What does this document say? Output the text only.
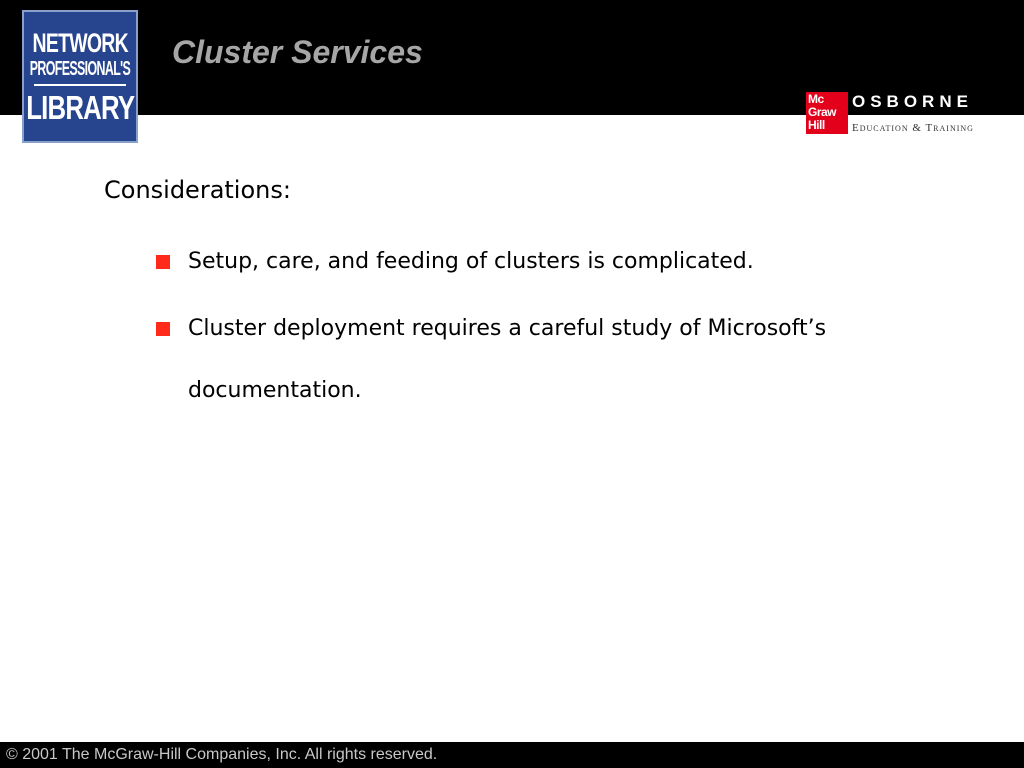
NETWORK
PROFESSIONAL'S
LIBRARY
Cluster Services
Mc
Graw
Hill
OSBORNE
Education & Training
Considerations:
Setup, care, and feeding of clusters is complicated.
Cluster deployment requires a careful study of Microsoft’s documentation.
© 2001 The McGraw-Hill Companies, Inc. All rights reserved.
